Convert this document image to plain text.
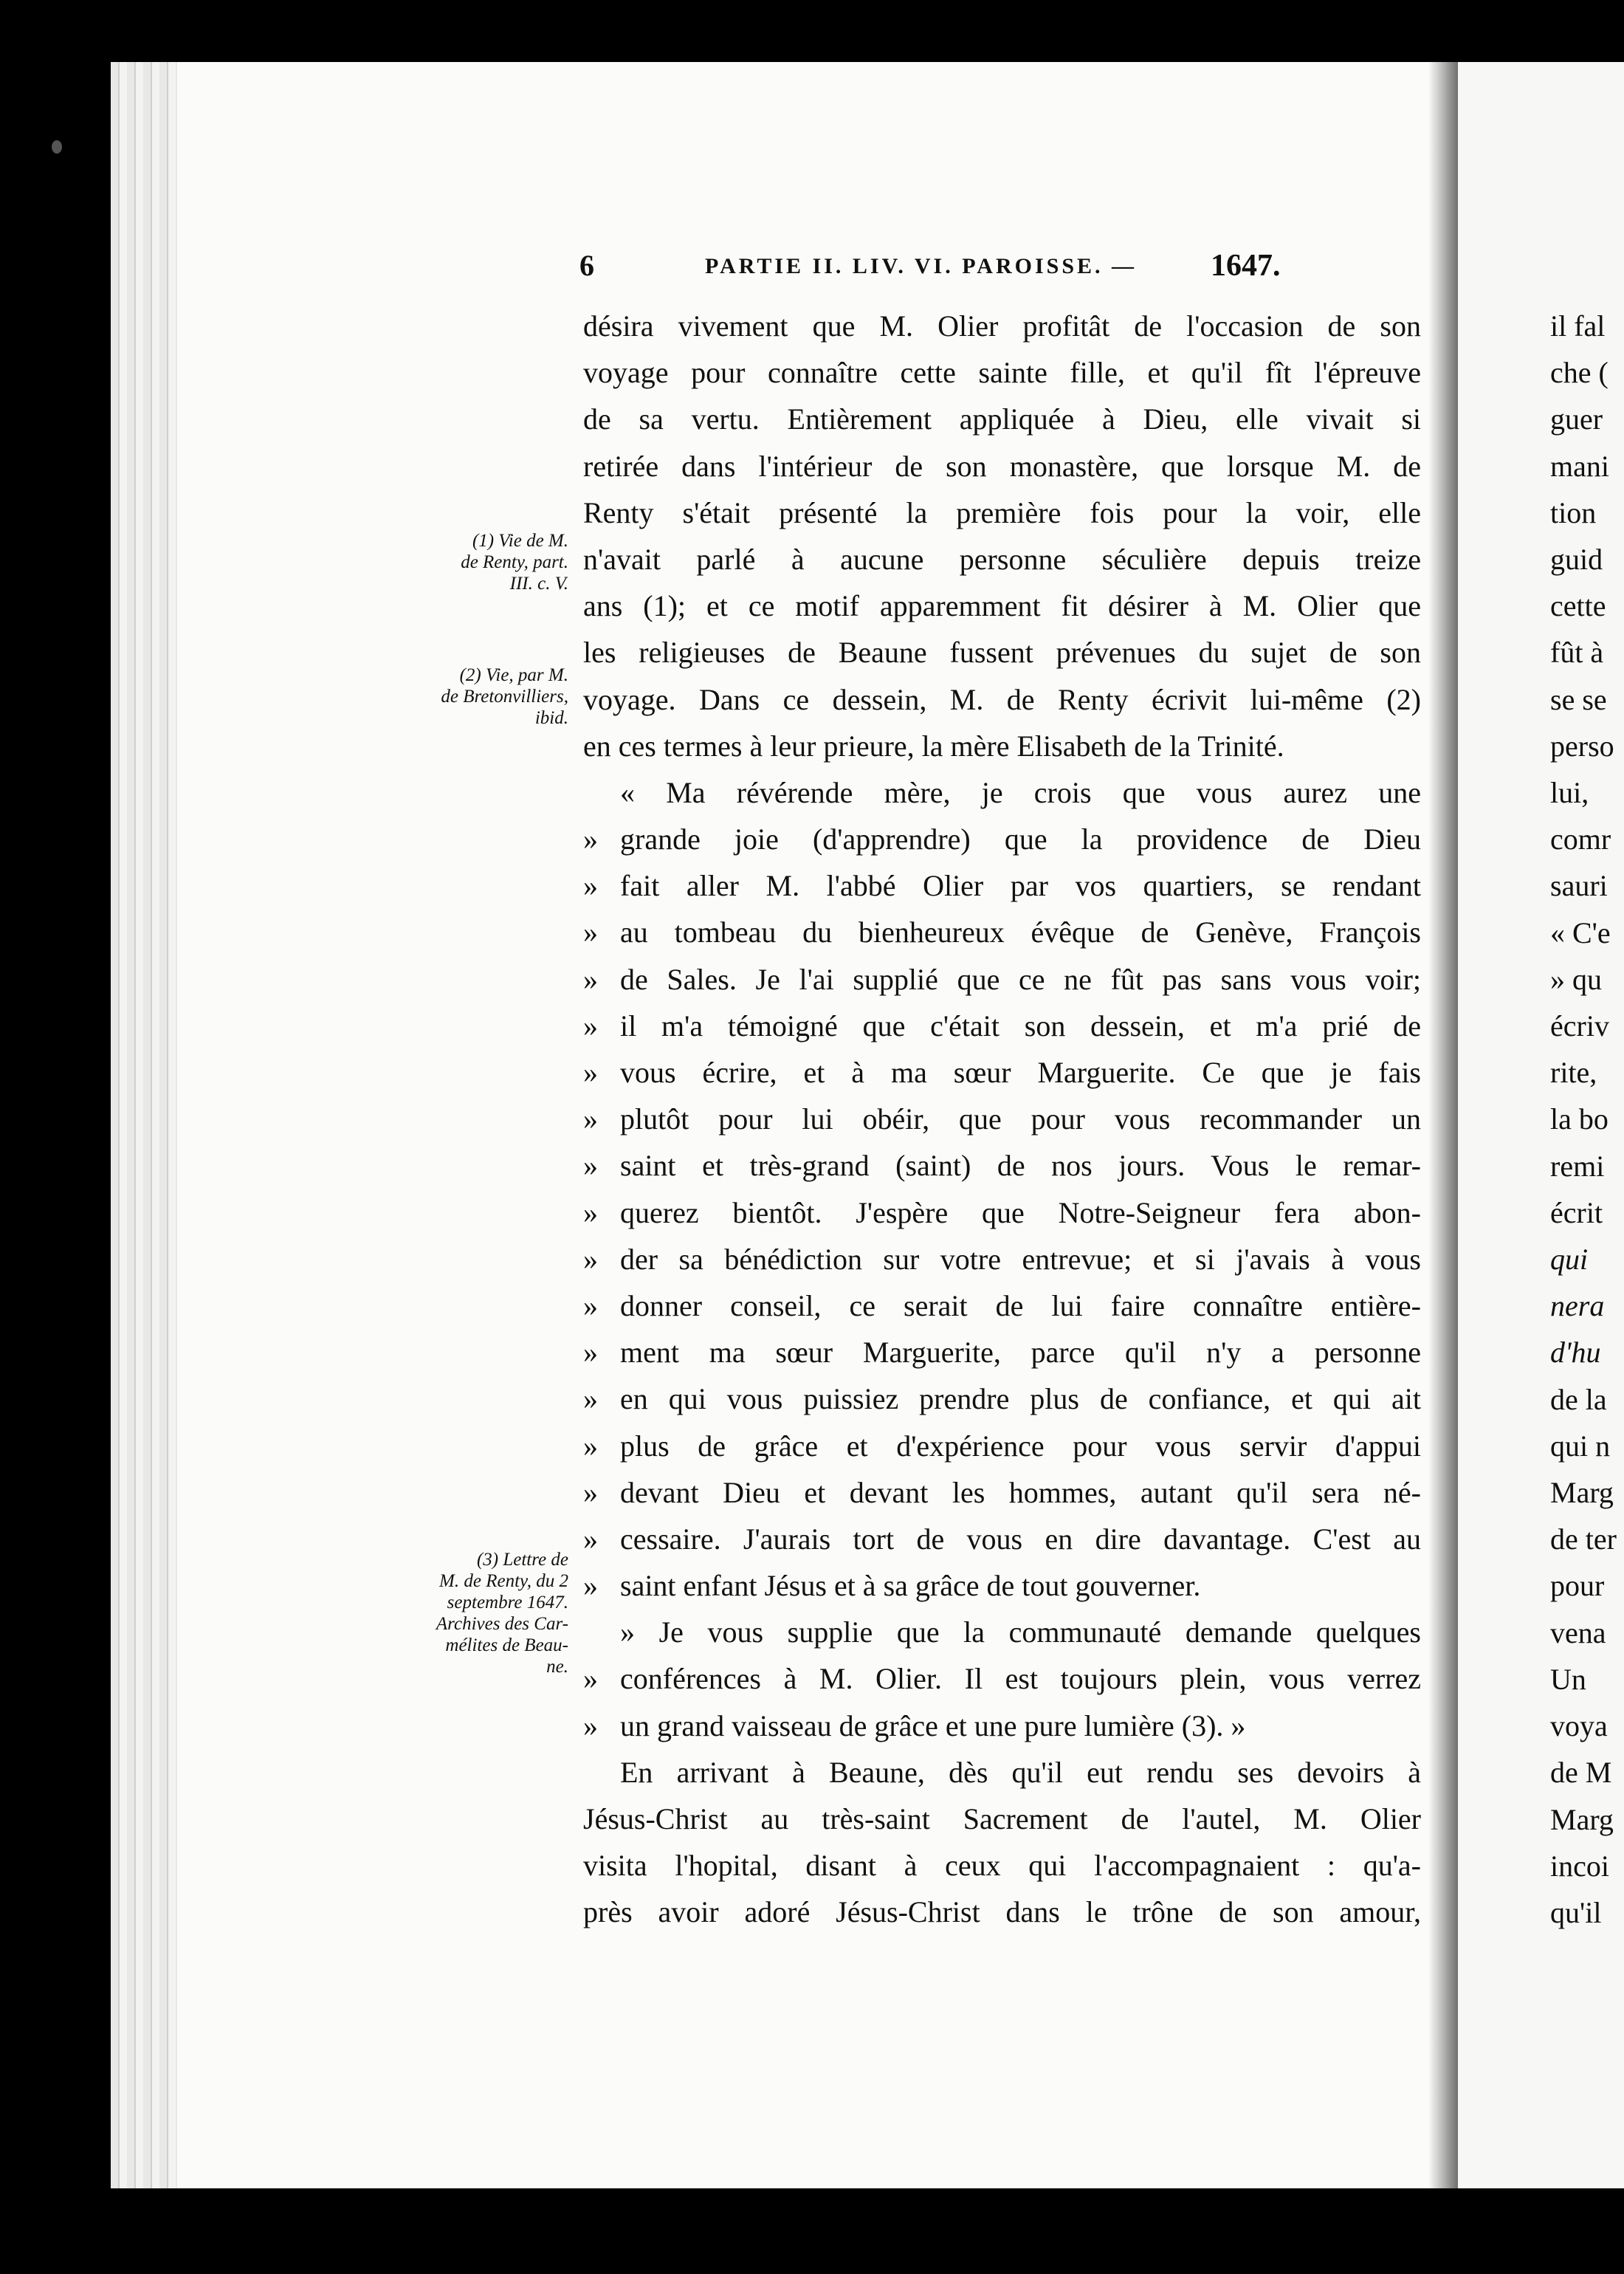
6	PARTIE II. LIV. VI. PAROISSE. — 1647.
désira vivement que M. Olier profitât de l'occasion de son
voyage pour connaître cette sainte fille, et qu'il fît l'épreuve
de sa vertu. Entièrement appliquée à Dieu, elle vivait si
retirée dans l'intérieur de son monastère, que lorsque M. de
Renty s'était présenté la première fois pour la voir, elle
n'avait parlé à aucune personne séculière depuis treize
ans (1); et ce motif apparemment fit désirer à M. Olier que
les religieuses de Beaune fussent prévenues du sujet de son
voyage. Dans ce dessein, M. de Renty écrivit lui-même (2)
en ces termes à leur prieure, la mère Elisabeth de la Trinité.
« Ma révérende mère, je crois que vous aurez une
» grande joie (d'apprendre) que la providence de Dieu
» fait aller M. l'abbé Olier par vos quartiers, se rendant
» au tombeau du bienheureux évêque de Genève, François
» de Sales. Je l'ai supplié que ce ne fût pas sans vous voir;
» il m'a témoigné que c'était son dessein, et m'a prié de
» vous écrire, et à ma sœur Marguerite. Ce que je fais
» plutôt pour lui obéir, que pour vous recommander un
» saint et très-grand (saint) de nos jours. Vous le remar-
» querez bientôt. J'espère que Notre-Seigneur fera abon-
» der sa bénédiction sur votre entrevue; et si j'avais à vous
» donner conseil, ce serait de lui faire connaître entière-
» ment ma sœur Marguerite, parce qu'il n'y a personne
» en qui vous puissiez prendre plus de confiance, et qui ait
» plus de grâce et d'expérience pour vous servir d'appui
» devant Dieu et devant les hommes, autant qu'il sera né-
» cessaire. J'aurais tort de vous en dire davantage. C'est au
» saint enfant Jésus et à sa grâce de tout gouverner.
» Je vous supplie que la communauté demande quelques
» conférences à M. Olier. Il est toujours plein, vous verrez
» un grand vaisseau de grâce et une pure lumière (3). »
En arrivant à Beaune, dès qu'il eut rendu ses devoirs à
Jésus-Christ au très-saint Sacrement de l'autel, M. Olier
visita l'hopital, disant à ceux qui l'accompagnaient : qu'a-
près avoir adoré Jésus-Christ dans le trône de son amour,
(1) Vie de M.
de Renty, part.
III. c. V.
(2) Vie, par M.
de Bretonvilliers,
ibid.
(3) Lettre de
M. de Renty, du 2
septembre 1647.
Archives des Car-
mélites de Beau-
ne.
il fal
che (
guer
mani
tion
guid
cette
fût à
se se
perso
lui,
comr
sauri
« C'e
» qu
écriv
rite,
la bo
remi
écrit
qui
nera
d'hu
de la
qui n
Marg
de ter
pour
vena
Un
voya
de M
Marg
incoi
qu'il
